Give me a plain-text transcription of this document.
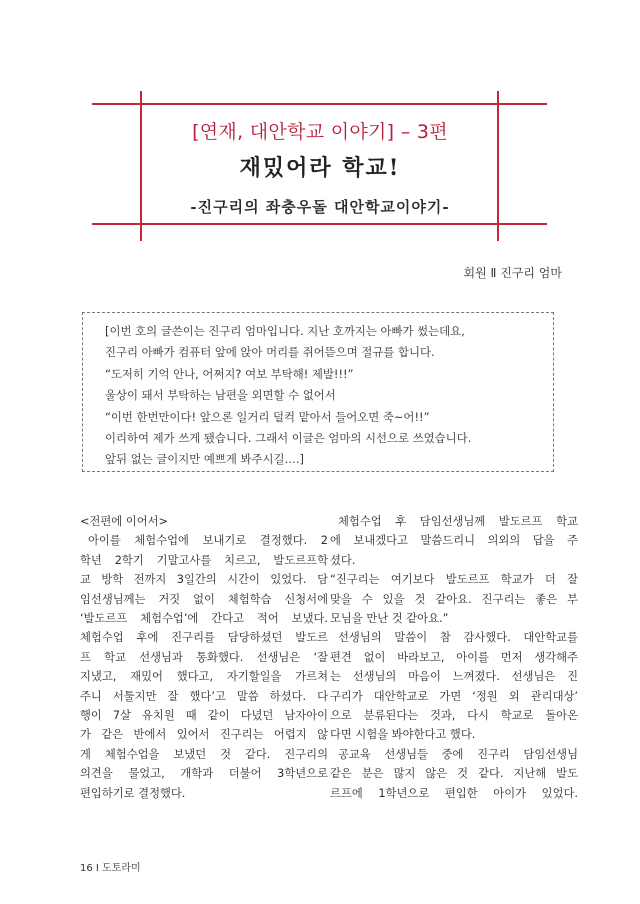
[연재, 대안학교 이야기] – 3편
재밌어라 학교!
-진구리의 좌충우돌 대안학교이야기-
회원 Ⅱ 진구리 엄마

[이번 호의 글쓴이는 진구리 엄마입니다. 지난 호까지는 아빠가 썼는데요,

진구리 아빠가 컴퓨터 앞에 앉아 머리를 쥐어뜯으며 절규를 합니다.

“도저히 기억 안나, 어쩌지? 여보 부탁해! 제발!!!”

울상이 돼서 부탁하는 남편을 외면할 수 없어서

“이번 한번만이다! 앞으론 일거리 덜컥 맡아서 들어오면 죽~어!!”

이리하여 제가 쓰게 됐습니다. 그래서 이글은 엄마의 시선으로 쓰였습니다.

앞뒤 없는 글이지만 예쁘게 봐주시길….]

<전편에 이어서>

아이를 체험수업에 보내기로 결정했다. 2

학년 2학기 기말고사를 치르고, 발도르프학

교 방학 전까지 3일간의 시간이 있었다. 담

임선생님께는 거짓 없이 체험학습 신청서에

‘발도르프 체험수업’에 간다고 적어 보냈다.

체험수업 후에 진구리를 담당하셨던 발도르

프 학교 선생님과 통화했다. 선생님은 ‘잘

지냈고, 재밌어 했다고, 자기할일을 가르쳐

주니 서툴지만 잘 했다’고 말씀 하셨다. 다

행이 7살 유치원 때 같이 다녔던 남자아이

가 같은 반에서 있어서 진구리는 어렵지 않

게 체험수업을 보냈던 것 같다. 진구리의

의견을 물었고, 개학과 더불어 3학년으로

편입하기로 결정했다.

체험수업 후 담임선생님께 발도르프 학교

에 보내겠다고 말씀드리니 의외의 답을 주

셨다.

“진구리는 여기보다 발도르프 학교가 더 잘

맞을 수 있을 것 같아요. 진구리는 좋은 부

모님을 만난 것 같아요.”

선생님의 말씀이 참 감사했다. 대안학교를

편견 없이 바라보고, 아이를 먼저 생각해주

는 선생님의 마음이 느껴졌다. 선생님은 진

구리가 대안학교로 가면 ‘정원 외 관리대상’

으로 분류된다는 것과, 다시 학교로 돌아온

다면 시험을 봐야한다고 했다.

공교육 선생님들 중에 진구리 담임선생님

같은 분은 많지 않은 것 같다. 지난해 발도

르프에 1학년으로 편입한 아이가 있었다.

16 Ⅰ 도토라미
